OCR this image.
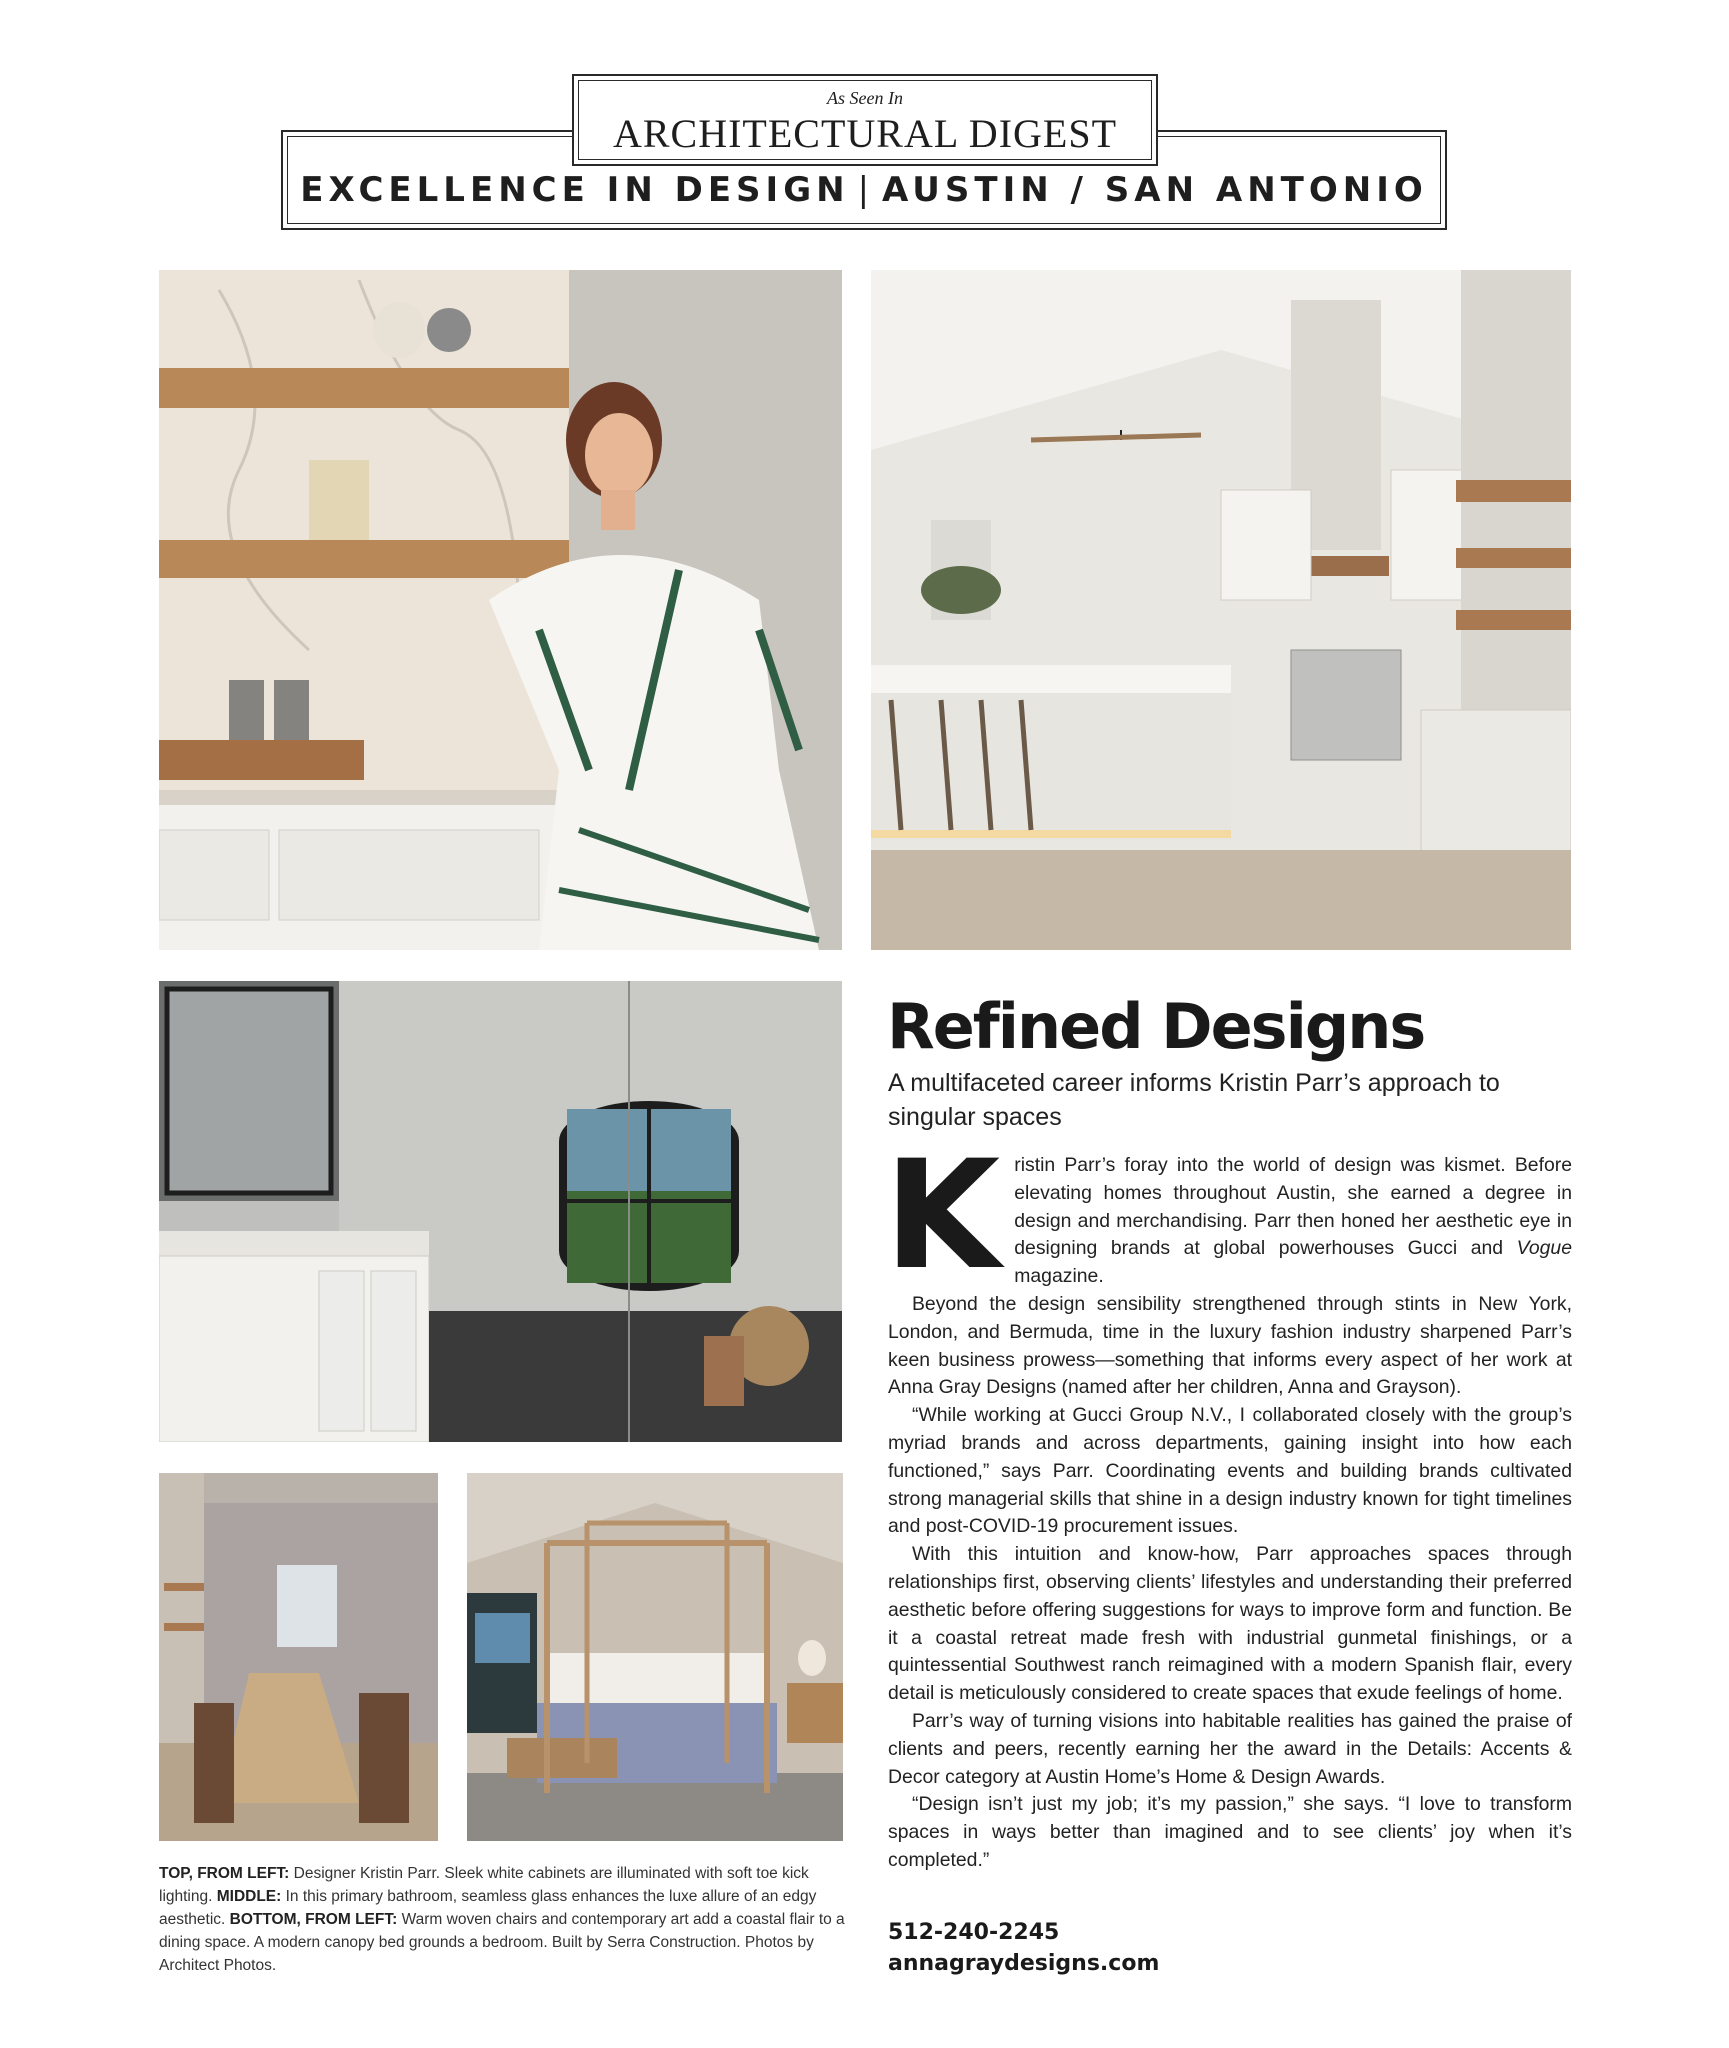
As Seen In
ARCHITECTURAL DIGEST
EXCELLENCE IN DESIGN | AUSTIN / SAN ANTONIO
TOP, FROM LEFT: Designer Kristin Parr. Sleek white cabinets are illuminated with soft toe kick lighting. MIDDLE: In this primary bathroom, seamless glass enhances the luxe allure of an edgy aesthetic. BOTTOM, FROM LEFT: Warm woven chairs and contemporary art add a coastal flair to a dining space. A modern canopy bed grounds a bedroom. Built by Serra Construction. Photos by Architect Photos.
Refined Designs
A multifaceted career informs Kristin Parr’s approach to singular spaces

Kristin Parr’s foray into the world of design was kismet. Before elevating homes throughout Austin, she earned a degree in design and merchandising. Parr then honed her aesthetic eye in designing brands at global powerhouses Gucci and Vogue magazine.

Beyond the design sensibility strengthened through stints in New York, London, and Bermuda, time in the luxury fashion industry sharpened Parr’s keen business prowess—something that informs every aspect of her work at Anna Gray Designs (named after her children, Anna and Grayson).

“While working at Gucci Group N.V., I collaborated closely with the group’s myriad brands and across departments, gaining insight into how each functioned,” says Parr. Coordinating events and building brands cultivated strong managerial skills that shine in a design industry known for tight timelines and post-COVID-19 procurement issues.

With this intuition and know-how, Parr approaches spaces through relationships first, observing clients’ lifestyles and understanding their preferred aesthetic before offering suggestions for ways to improve form and function. Be it a coastal retreat made fresh with industrial gunmetal finishings, or a quintessential Southwest ranch reimagined with a modern Spanish flair, every detail is meticulously considered to create spaces that exude feelings of home.

Parr’s way of turning visions into habitable realities has gained the praise of clients and peers, recently earning her the award in the Details: Accents & Decor category at Austin Home’s Home & Design Awards.

“Design isn’t just my job; it’s my passion,” she says. “I love to transform spaces in ways better than imagined and to see clients’ joy when it’s completed.”

512-240-2245
annagraydesigns.com
